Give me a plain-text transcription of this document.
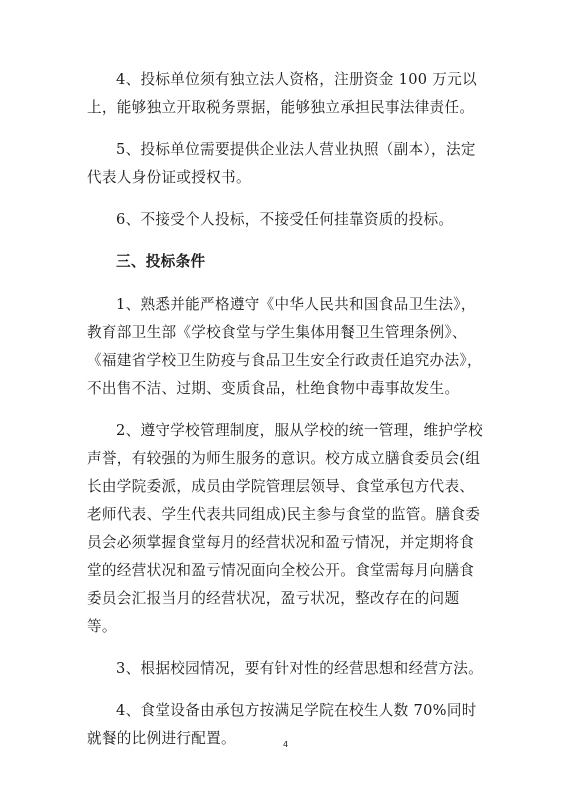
4、投标单位须有独立法人资格，注册资金 100 万元以上，能够独立开取税务票据，能够独立承担民事法律责任。

5、投标单位需要提供企业法人营业执照（副本），法定代表人身份证或授权书。

6、不接受个人投标，不接受任何挂靠资质的投标。

三、投标条件

1、熟悉并能严格遵守《中华人民共和国食品卫生法》，教育部卫生部《学校食堂与学生集体用餐卫生管理条例》、《福建省学校卫生防疫与食品卫生安全行政责任追究办法》，不出售不洁、过期、变质食品，杜绝食物中毒事故发生。

2、遵守学校管理制度，服从学校的统一管理，维护学校声誉，有较强的为师生服务的意识。校方成立膳食委员会(组长由学院委派，成员由学院管理层领导、食堂承包方代表、老师代表、学生代表共同组成)民主参与食堂的监管。膳食委员会必须掌握食堂每月的经营状况和盈亏情况，并定期将食堂的经营状况和盈亏情况面向全校公开。食堂需每月向膳食委员会汇报当月的经营状况，盈亏状况，整改存在的问题等。

3、根据校园情况，要有针对性的经营思想和经营方法。

4、食堂设备由承包方按满足学院在校生人数 70%同时就餐的比例进行配置。	4
